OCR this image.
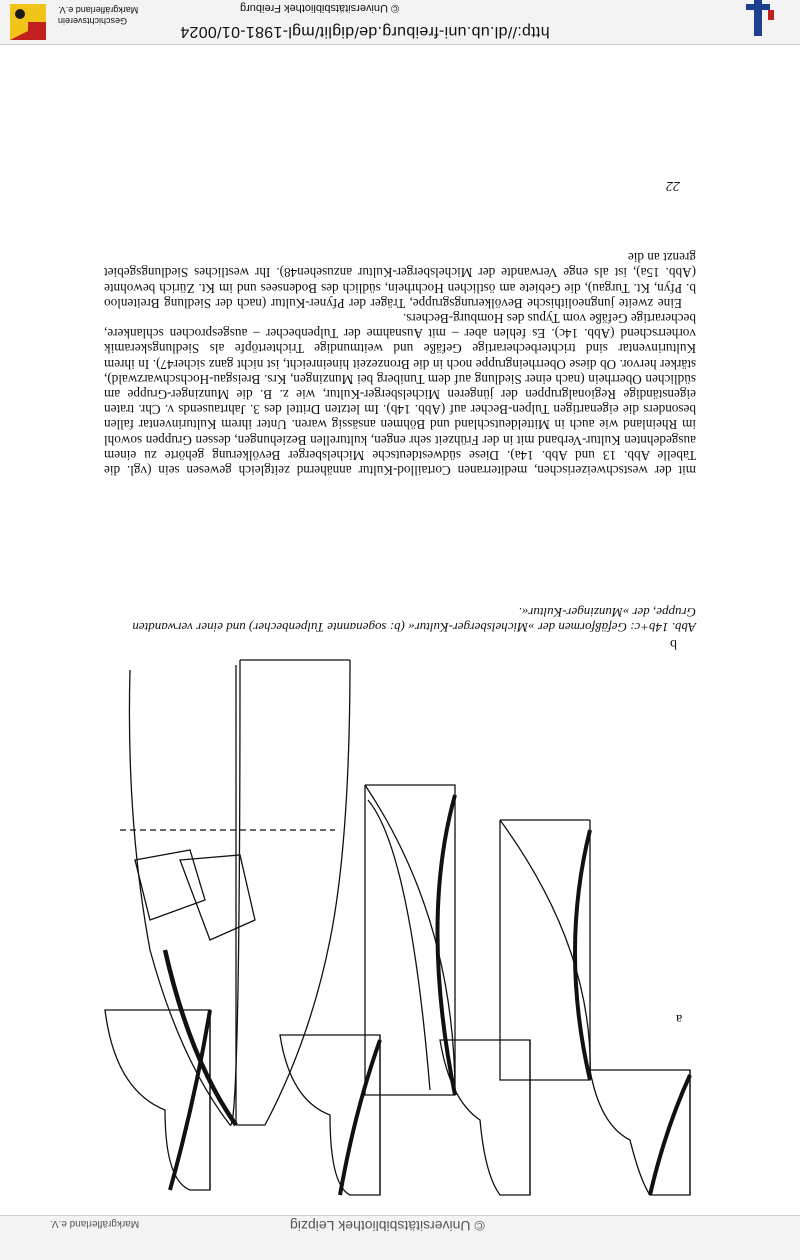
Geschichtsverein
Markgräflerland e.V.
http://dl.ub.uni-freiburg.de/diglit/mgl-1981-01/0024
© Universitätsbibliothek Freiburg
22

mit der westschweizerischen, mediterranen Cortaillod-Kultur annähernd zeitgleich gewesen sein (vgl. die Tabelle Abb. 13 und Abb. 14a). Diese südwestdeutsche Michelsberger Bevölkerung gehörte zu einem ausgedehnten Kultur-Verband mit in der Frühzeit sehr engen, kulturellen Beziehungen, dessen Gruppen sowohl im Rheinland wie auch in Mitteldeutschland und Böhmen ansässig waren. Unter ihrem Kulturinventar fallen besonders die eigenartigen Tulpen-Becher auf (Abb. 14b). Im letzten Drittel des 3. Jahrtausends v. Chr. traten eigenständige Regionalgruppen der jüngeren Michelsberger-Kultur, wie z. B. die Munzinger-Gruppe am südlichen Oberrhein (nach einer Siedlung auf dem Tuniberg bei Munzingen, Krs. Breisgau-Hochschwarzwald), stärker hervor. Ob diese Oberrheingruppe noch in die Bronzezeit hineinreicht, ist nicht ganz sicher47). In ihrem Kulturinventar sind trichterbecherartige Gefäße und weitmundige Trichtertöpfe als Siedlungskeramik vorherrschend (Abb. 14c). Es fehlen aber – mit Ausnahme der Tulpenbecher – ausgesprochen schlankere, becherartige Gefäße vom Typus des Homburg-Bechers.

Eine zweite jungneolithische Bevölkerungsgruppe, Träger der Pfyner-Kultur (nach der Siedlung Breitenloo b. Pfyn, Kt. Turgau), die Gebiete am östlichen Hochrhein, südlich des Bodensees und im Kt. Zürich bewohnte (Abb. 15a), ist als enge Verwandte der Michelsberger-Kultur anzusehen48). Ihr westliches Siedlungsgebiet grenzt an die

Abb. 14b+c: Gefäßformen der »Michelsberger-Kultur« (b: sogenannte Tulpenbecher) und einer verwandten Gruppe, der »Munzinger-Kultur«.
b
a
Markgräflerland e.V.	© Universitätsbibliothek Leipzig
